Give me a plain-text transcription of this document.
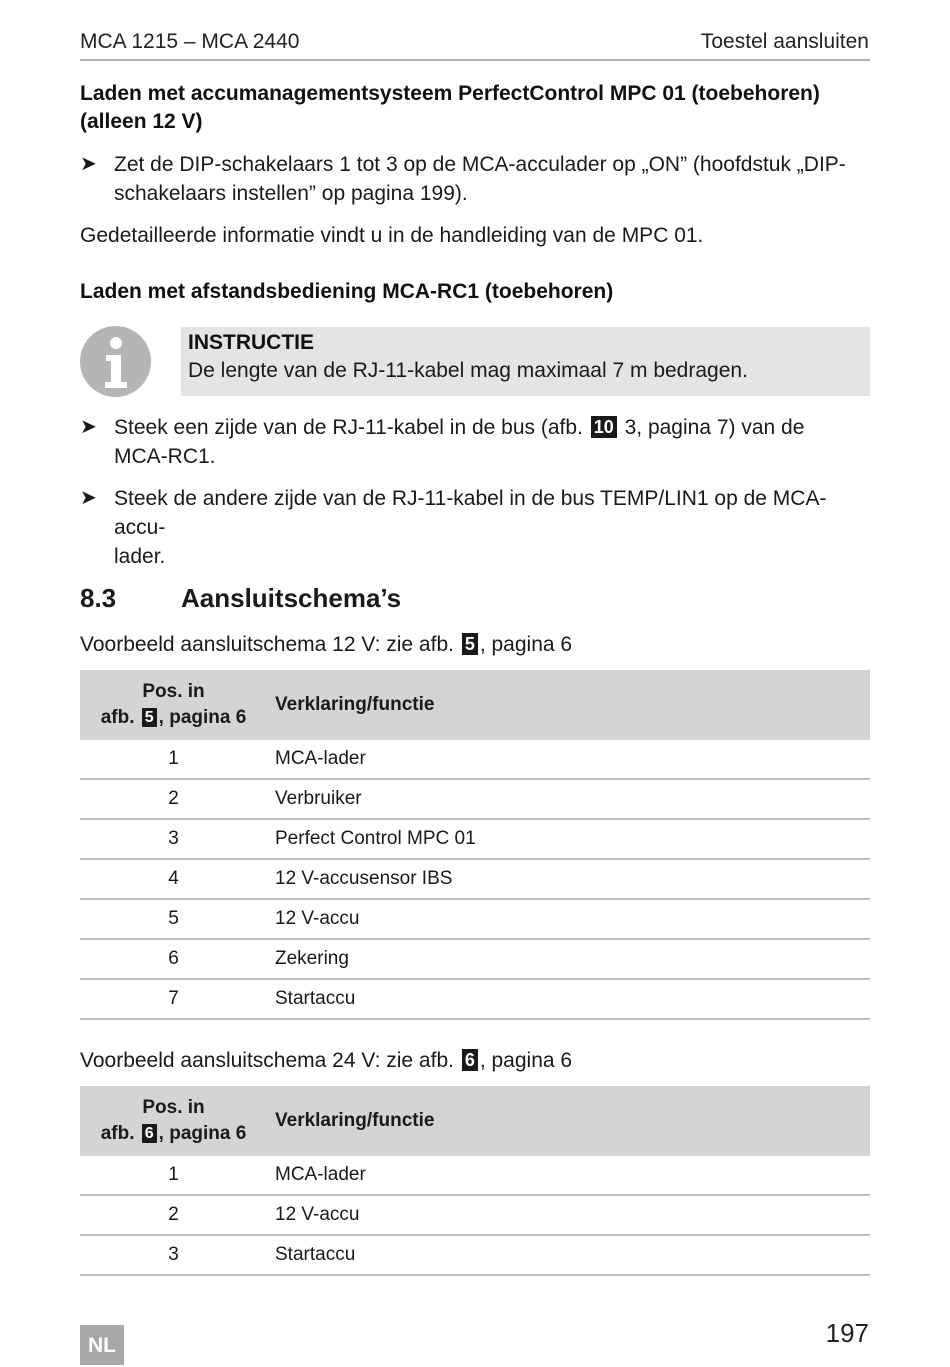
MCA 1215 – MCA 2440	Toestel aansluiten
Laden met accumanagementsysteem PerfectControl MPC 01 (toebehoren)
(alleen 12 V)
➤ Zet de DIP-schakelaars 1 tot 3 op de MCA-acculader op „ON” (hoofdstuk „DIP-
schakelaars instellen” op pagina 199).
Gedetailleerde informatie vindt u in de handleiding van de MPC 01.
Laden met afstandsbediening MCA-RC1 (toebehoren)
INSTRUCTIE
De lengte van de RJ-11-kabel mag maximaal 7 m bedragen.
➤ Steek een zijde van de RJ-11-kabel in de bus (afb. 10 3, pagina 7) van de
MCA-RC1.
➤ Steek de andere zijde van de RJ-11-kabel in de bus TEMP/LIN1 op de MCA-accu-
lader.
8.3 Aansluitschema’s
Voorbeeld aansluitschema 12 V: zie afb. 5 , pagina 6
Pos. in
afb. 5 , pagina 6	Verklaring/functie
1	MCA-lader
2	Verbruiker
3	Perfect Control MPC 01
4	12 V-accusensor IBS
5	12 V-accu
6	Zekering
7	Startaccu
Voorbeeld aansluitschema 24 V: zie afb. 6 , pagina 6
Pos. in
afb. 6 , pagina 6	Verklaring/functie
1	MCA-lader
2	12 V-accu
3	Startaccu
197
NL
